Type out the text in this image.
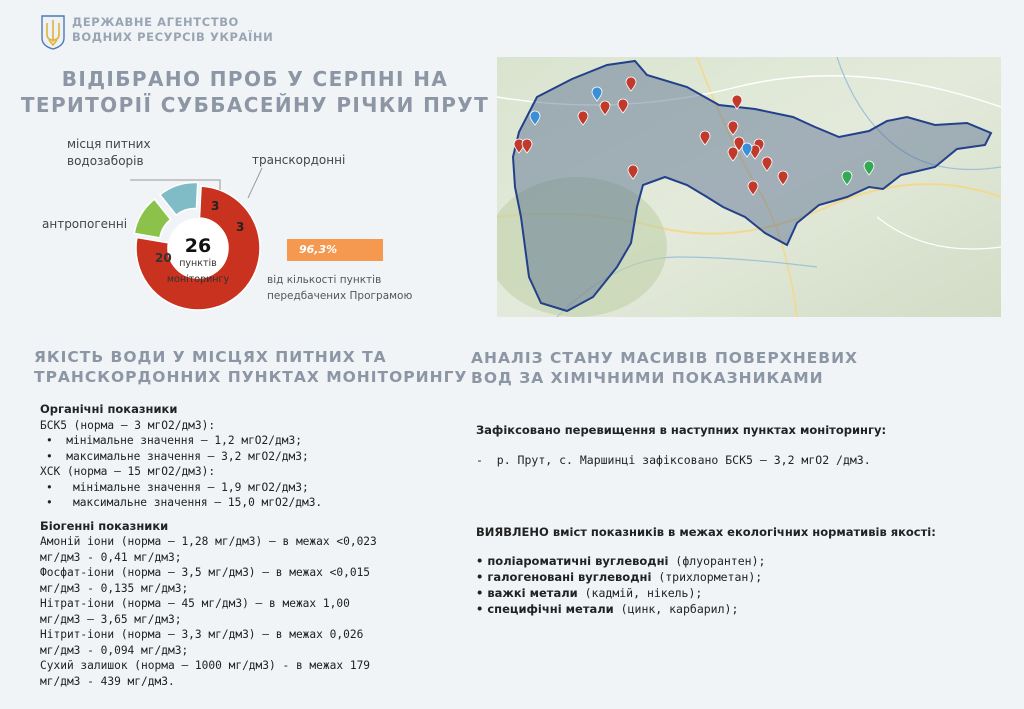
ДЕРЖАВНЕ АГЕНТСТВО
ВОДНИХ РЕСУРСІВ УКРАЇНИ
ВІДІБРАНО ПРОБ У СЕРПНІ НА
ТЕРИТОРІЇ СУББАСЕЙНУ РІЧКИ ПРУТ
20
3
3
26
пунктів
моніторингу
місця питних
водозаборів	транскордонні
антропогенні
96,3%
від кількості пунктів
передбачених Програмою
ЯКІСТЬ ВОДИ У МІСЦЯХ ПИТНИХ ТА
ТРАНСКОРДОННИХ ПУНКТАХ МОНІТОРИНГУ
АНАЛІЗ СТАНУ МАСИВІВ ПОВЕРХНЕВИХ
ВОД ЗА ХІМІЧНИМИ ПОКАЗНИКАМИ
Органічні показники
БСК5 (норма – 3 мгО2/дм3):
•  мінімальне значення – 1,2 мгО2/дм3;
•  максимальне значення – 3,2 мгО2/дм3;
ХСК (норма – 15 мгО2/дм3):
•   мінімальне значення – 1,9 мгО2/дм3;
•   максимальне значення – 15,0 мгО2/дм3.
Біогенні показники
Амоній іони (норма – 1,28 мг/дм3) – в межах <0,023
мг/дм3 - 0,41 мг/дм3;
Фосфат-іони (норма – 3,5 мг/дм3) – в межах <0,015
мг/дм3 - 0,135 мг/дм3;
Нітрат-іони (норма – 45 мг/дм3) – в межах 1,00
мг/дм3 – 3,65 мг/дм3;
Нітрит-іони (норма – 3,3 мг/дм3) – в межах 0,026
мг/дм3 - 0,094 мг/дм3;
Сухий залишок (норма – 1000 мг/дм3) - в межах 179
мг/дм3 - 439 мг/дм3.
Зафіксовано перевищення в наступних пунктах моніторингу:
-  р. Прут, с. Маршинці зафіксовано БСК5 – 3,2 мгО2 /дм3.
ВИЯВЛЕНО вміст показників в межах екологічних нормативів якості:
• поліароматичні вуглеводні (флуорантен);
• галогеновані вуглеводні (трихлорметан);
• важкі метали (кадмій, нікель);
• специфічні метали (цинк, карбарил);
